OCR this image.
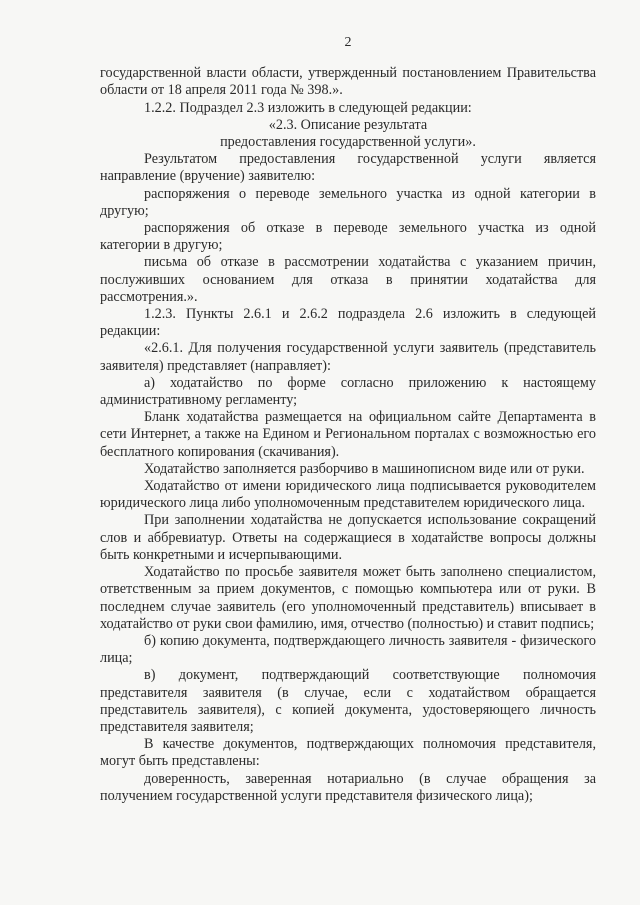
2

государственной власти области, утвержденный постановлением Правительства области от 18 апреля 2011 года № 398.».

1.2.2. Подраздел 2.3 изложить в следующей редакции:

«2.3. Описание результата

предоставления государственной услуги».

Результатом предоставления государственной услуги является направление (вручение) заявителю:

распоряжения о переводе земельного участка из одной категории в другую;

распоряжения об отказе в переводе земельного участка из одной категории в другую;

письма об отказе в рассмотрении ходатайства с указанием причин, послуживших основанием для отказа в принятии ходатайства для рассмотрения.».

1.2.3. Пункты 2.6.1 и 2.6.2 подраздела 2.6 изложить в следующей редакции:

«2.6.1. Для получения государственной услуги заявитель (представитель заявителя) представляет (направляет):

а) ходатайство по форме согласно приложению к настоящему административному регламенту;

Бланк ходатайства размещается на официальном сайте Департамента в сети Интернет, а также на Едином и Региональном порталах с возможностью его бесплатного копирования (скачивания).

Ходатайство заполняется разборчиво в машинописном виде или от руки.

Ходатайство от имени юридического лица подписывается руководителем юридического лица либо уполномоченным представителем юридического лица.

При заполнении ходатайства не допускается использование сокращений слов и аббревиатур. Ответы на содержащиеся в ходатайстве вопросы должны быть конкретными и исчерпывающими.

Ходатайство по просьбе заявителя может быть заполнено специалистом, ответственным за прием документов, с помощью компьютера или от руки. В последнем случае заявитель (его уполномоченный представитель) вписывает в ходатайство от руки свои фамилию, имя, отчество (полностью) и ставит подпись;

б) копию документа, подтверждающего личность заявителя - физического лица;

в) документ, подтверждающий соответствующие полномочия представителя заявителя (в случае, если с ходатайством обращается представитель заявителя), с копией документа, удостоверяющего личность представителя заявителя;

В качестве документов, подтверждающих полномочия представителя, могут быть представлены:

доверенность, заверенная нотариально (в случае обращения за получением государственной услуги представителя физического лица);
